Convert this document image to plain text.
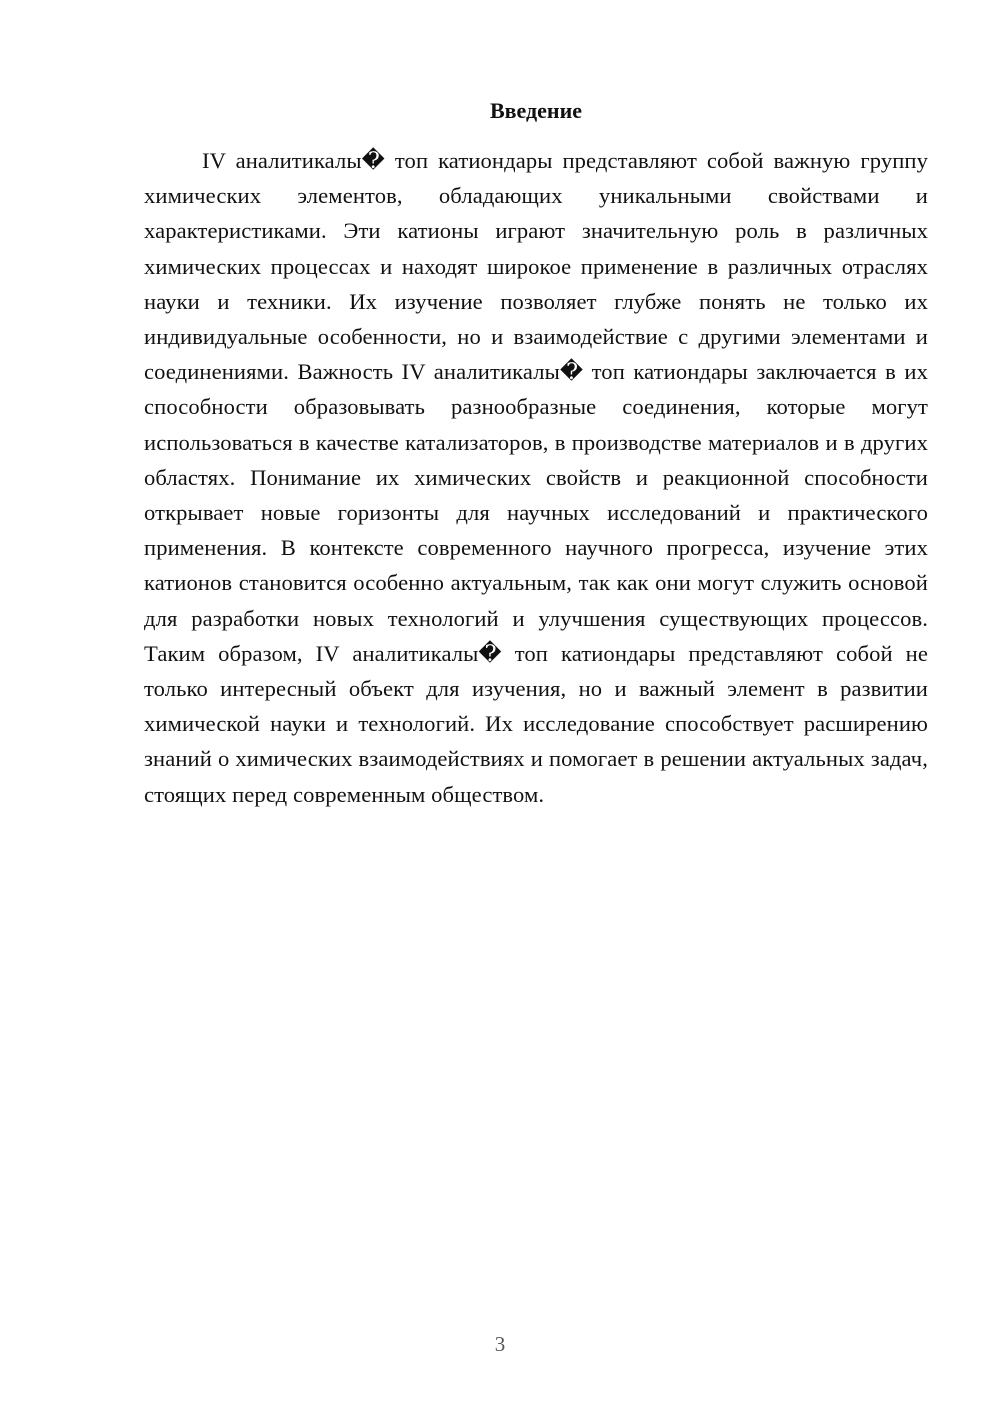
Введение

IV аналитикалы� топ катиондары представляют собой важную группу химических элементов, обладающих уникальными свойствами и характеристиками. Эти катионы играют значительную роль в различных химических процессах и находят широкое применение в различных отраслях науки и техники. Их изучение позволяет глубже понять не только их индивидуальные особенности, но и взаимодействие с другими элементами и соединениями. Важность IV аналитикалы� топ катиондары заключается в их способности образовывать разнообразные соединения, которые могут использоваться в качестве катализаторов, в производстве материалов и в других областях. Понимание их химических свойств и реакционной способности открывает новые горизонты для научных исследований и практического применения. В контексте современного научного прогресса, изучение этих катионов становится особенно актуальным, так как они могут служить основой для разработки новых технологий и улучшения существующих процессов. Таким образом, IV аналитикалы� топ катиондары представляют собой не только интересный объект для изучения, но и важный элемент в развитии химической науки и технологий. Их исследование способствует расширению знаний о химических взаимодействиях и помогает в решении актуальных задач, стоящих перед современным обществом.

3
